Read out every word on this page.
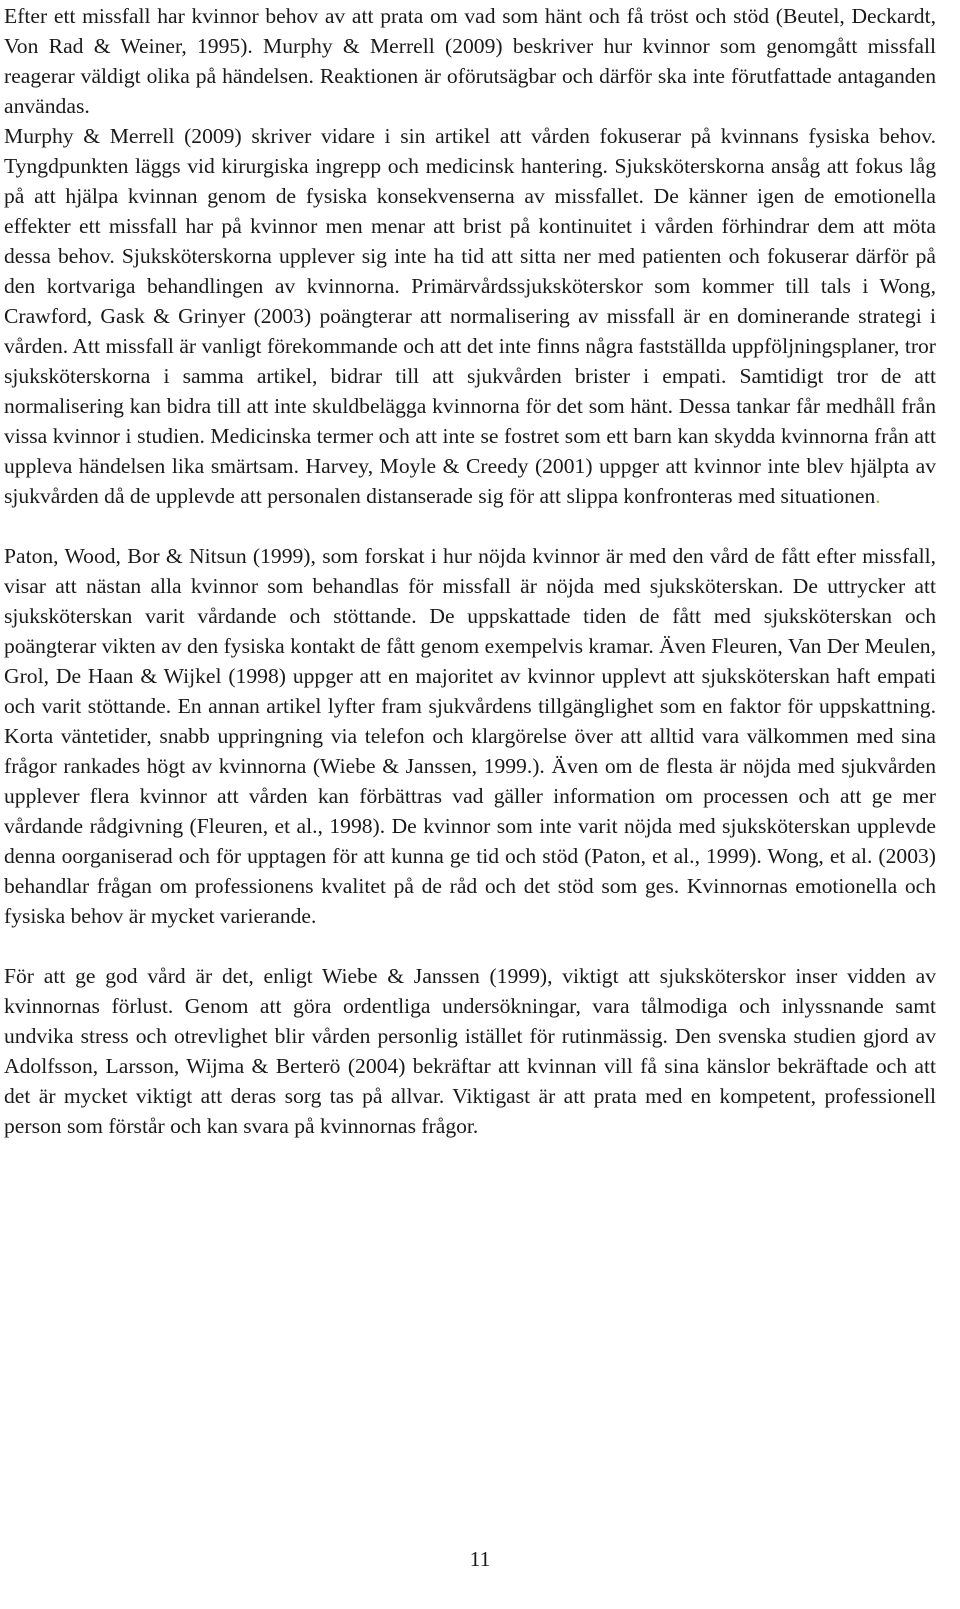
Efter ett missfall har kvinnor behov av att prata om vad som hänt och få tröst och stöd (Beutel, Deckardt, Von Rad & Weiner, 1995). Murphy & Merrell (2009) beskriver hur kvinnor som genomgått missfall reagerar väldigt olika på händelsen. Reaktionen är oförutsägbar och därför ska inte förutfattade antaganden användas.

Murphy & Merrell (2009) skriver vidare i sin artikel att vården fokuserar på kvinnans fysiska behov. Tyngdpunkten läggs vid kirurgiska ingrepp och medicinsk hantering. Sjuksköterskorna ansåg att fokus låg på att hjälpa kvinnan genom de fysiska konsekvenserna av missfallet. De känner igen de emotionella effekter ett missfall har på kvinnor men menar att brist på kontinuitet i vården förhindrar dem att möta dessa behov. Sjuksköterskorna upplever sig inte ha tid att sitta ner med patienten och fokuserar därför på den kortvariga behandlingen av kvinnorna. Primärvårdssjuksköterskor som kommer till tals i Wong, Crawford, Gask & Grinyer (2003) poängterar att normalisering av missfall är en dominerande strategi i vården. Att missfall är vanligt förekommande och att det inte finns några fastställda uppföljningsplaner, tror sjuksköterskorna i samma artikel, bidrar till att sjukvården brister i empati. Samtidigt tror de att normalisering kan bidra till att inte skuldbelägga kvinnorna för det som hänt. Dessa tankar får medhåll från vissa kvinnor i studien. Medicinska termer och att inte se fostret som ett barn kan skydda kvinnorna från att uppleva händelsen lika smärtsam. Harvey, Moyle & Creedy (2001) uppger att kvinnor inte blev hjälpta av sjukvården då de upplevde att personalen distanserade sig för att slippa konfronteras med situationen.

Paton, Wood, Bor & Nitsun (1999), som forskat i hur nöjda kvinnor är med den vård de fått efter missfall, visar att nästan alla kvinnor som behandlas för missfall är nöjda med sjuksköterskan. De uttrycker att sjuksköterskan varit vårdande och stöttande. De uppskattade tiden de fått med sjuksköterskan och poängterar vikten av den fysiska kontakt de fått genom exempelvis kramar. Även Fleuren, Van Der Meulen, Grol, De Haan & Wijkel (1998) uppger att en majoritet av kvinnor upplevt att sjuksköterskan haft empati och varit stöttande. En annan artikel lyfter fram sjukvårdens tillgänglighet som en faktor för uppskattning. Korta väntetider, snabb uppringning via telefon och klargörelse över att alltid vara välkommen med sina frågor rankades högt av kvinnorna (Wiebe & Janssen, 1999.). Även om de flesta är nöjda med sjukvården upplever flera kvinnor att vården kan förbättras vad gäller information om processen och att ge mer vårdande rådgivning (Fleuren, et al., 1998). De kvinnor som inte varit nöjda med sjuksköterskan upplevde denna oorganiserad och för upptagen för att kunna ge tid och stöd (Paton, et al., 1999). Wong, et al. (2003) behandlar frågan om professionens kvalitet på de råd och det stöd som ges. Kvinnornas emotionella och fysiska behov är mycket varierande.

För att ge god vård är det, enligt Wiebe & Janssen (1999), viktigt att sjuksköterskor inser vidden av kvinnornas förlust. Genom att göra ordentliga undersökningar, vara tålmodiga och inlyssnande samt undvika stress och otrevlighet blir vården personlig istället för rutinmässig. Den svenska studien gjord av Adolfsson, Larsson, Wijma & Berterö (2004) bekräftar att kvinnan vill få sina känslor bekräftade och att det är mycket viktigt att deras sorg tas på allvar. Viktigast är att prata med en kompetent, professionell person som förstår och kan svara på kvinnornas frågor.

11
